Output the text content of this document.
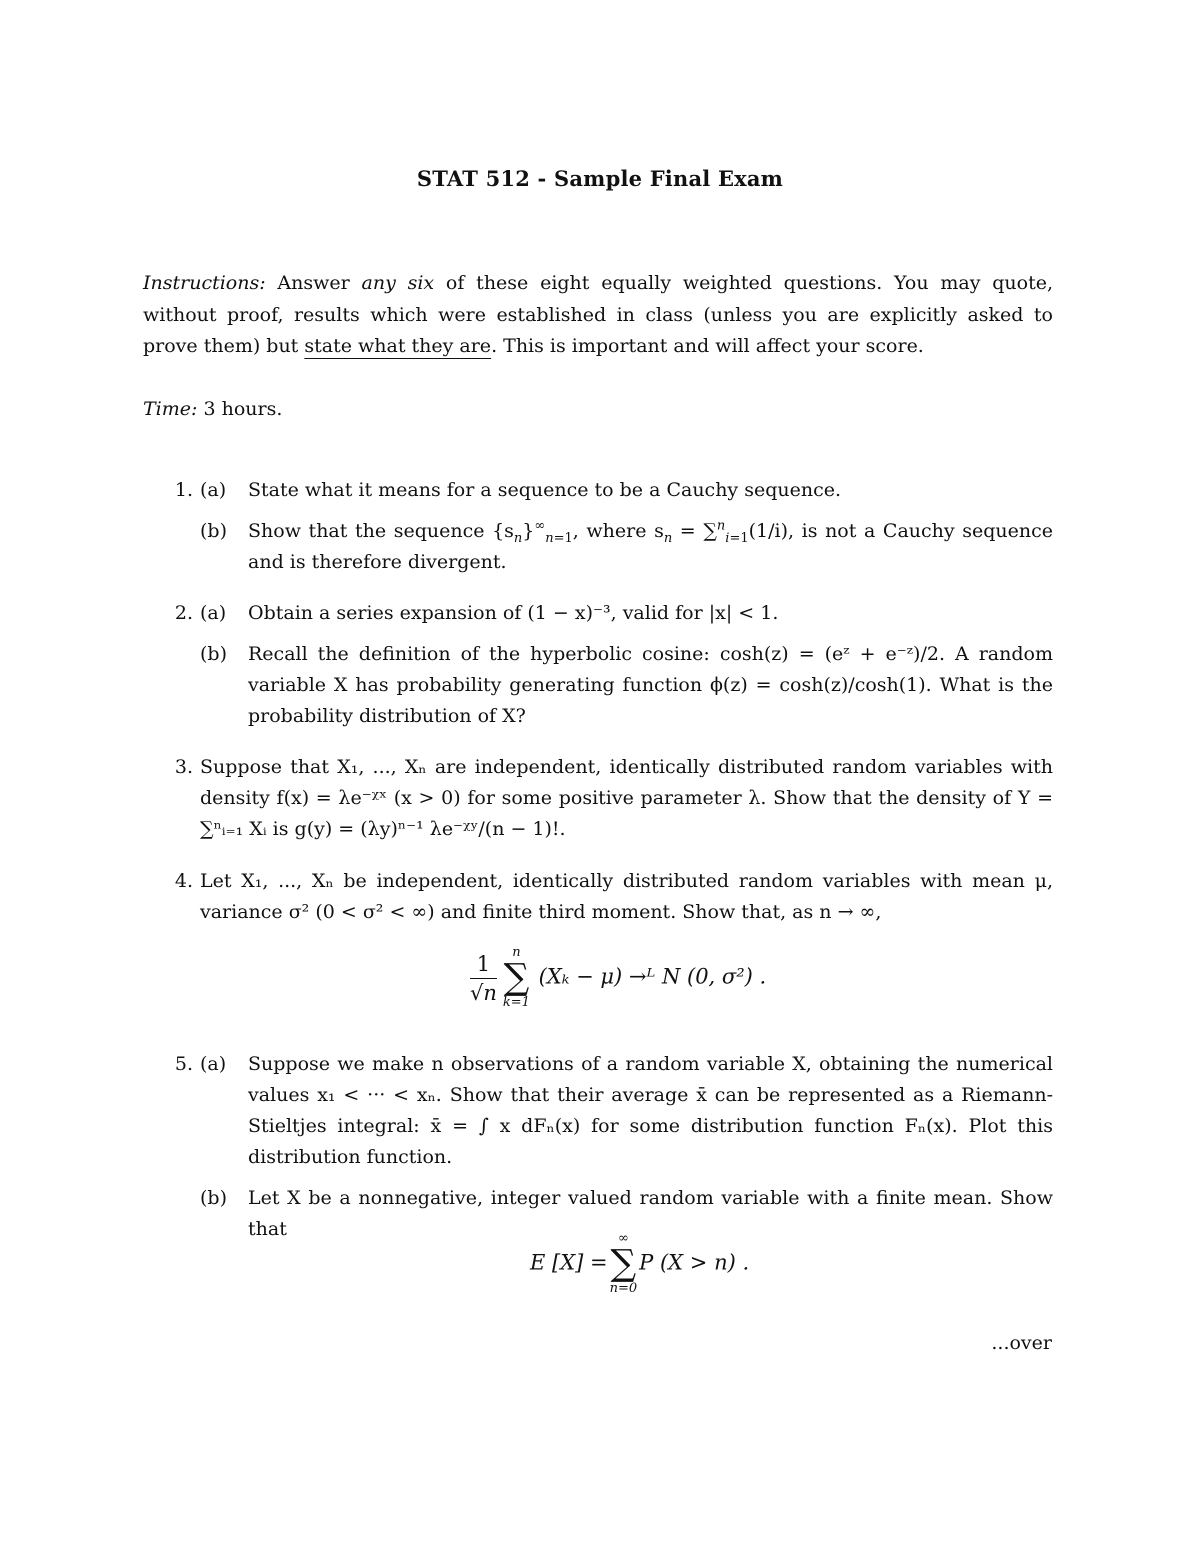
STAT 512 - Sample Final Exam
Instructions: Answer any six of these eight equally weighted questions. You may quote, without proof, results which were established in class (unless you are explicitly asked to prove them) but state what they are. This is important and will affect your score.
Time: 3 hours.
1. (a)	State what it means for a sequence to be a Cauchy sequence.
(b)	Show that the sequence $\{s_n\}^\infty_{n=1}$, where $s_n = \sum^n_{i=1}(1/i)$, is not a Cauchy sequence and is therefore divergent.
2. (a)	Obtain a series expansion of (1 − x)⁻³, valid for |x| < 1.
(b)	Recall the definition of the hyperbolic cosine: cosh(z) = (eᶻ + e⁻ᶻ)/2. A random variable X has probability generating function ϕ(z) = cosh(z)/cosh(1). What is the probability distribution of X?
3. Suppose that X₁, ..., Xₙ are independent, identically distributed random variables with density f(x) = λe⁻ᵡˣ (x > 0) for some positive parameter λ. Show that the density of Y = ∑ⁿᵢ₌₁ Xᵢ is g(y) = (λy)ⁿ⁻¹ λe⁻ᵡʸ/(n − 1)!.
4. Let X₁, ..., Xₙ be independent, identically distributed random variables with mean μ, variance σ² (0 < σ² < ∞) and finite third moment. Show that, as n → ∞,
$\frac{1}{√n}$	n
∑
k=1
(Xₖ − μ) →ᴸ N (0, σ²) .
5. (a)	Suppose we make n observations of a random variable X, obtaining the numerical values x₁ < ··· < xₙ. Show that their average x̄ can be represented as a Riemann-Stieltjes integral: x̄ = ∫ x dFₙ(x) for some distribution function Fₙ(x). Plot this distribution function.
(b)	Let X be a nonnegative, integer valued random variable with a finite mean. Show that
E [X] =
∞
∑
n=0
P (X > n) .
...over
